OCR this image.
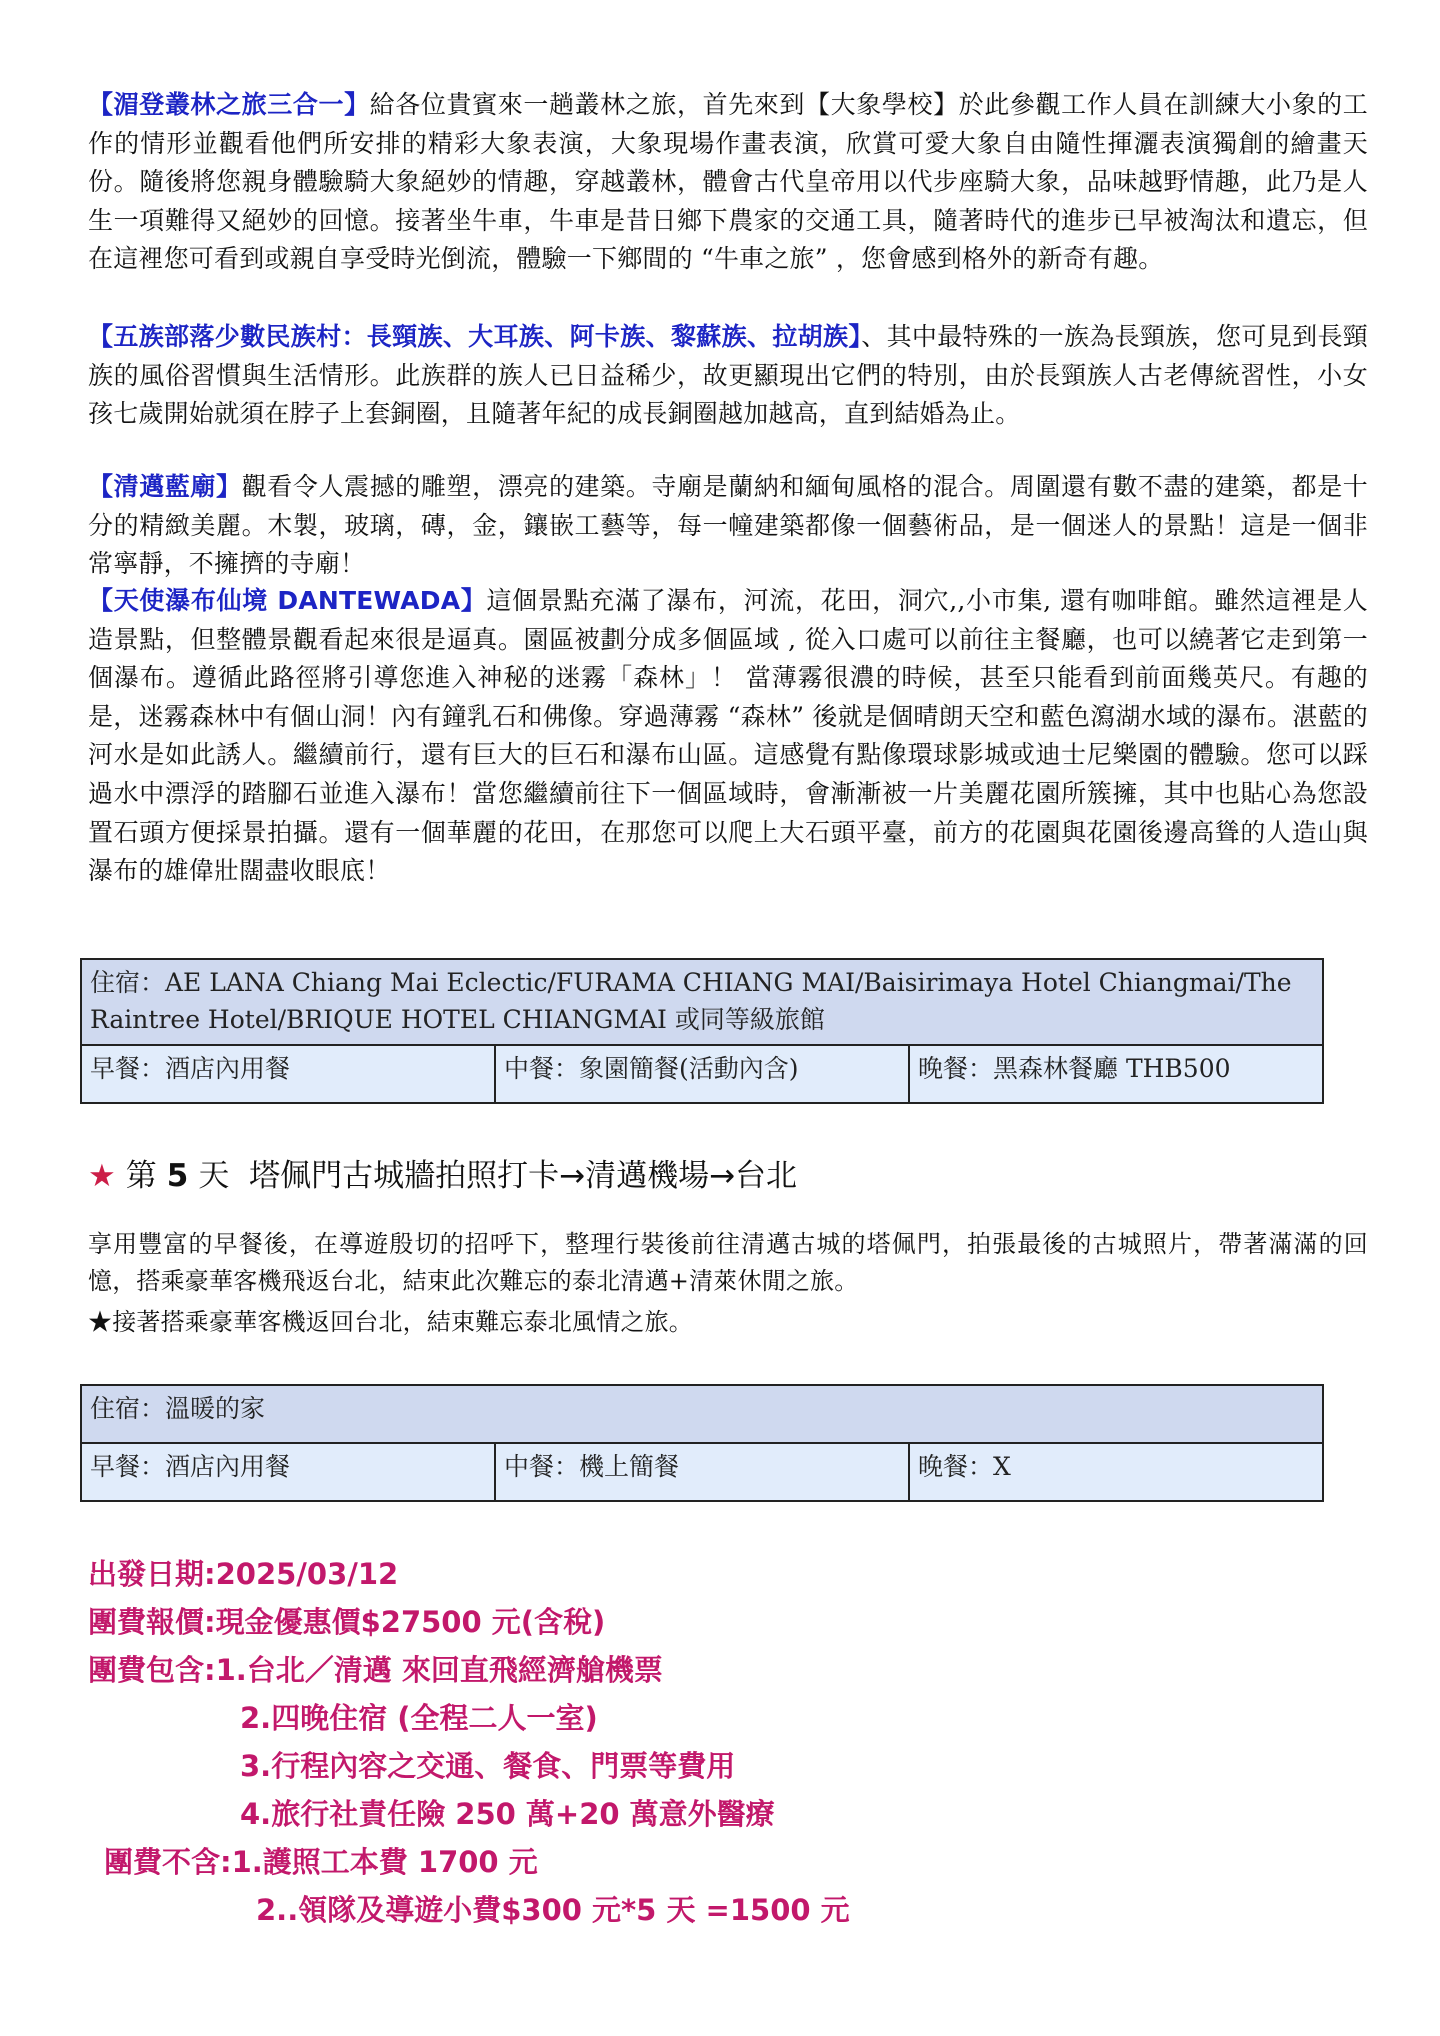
【湄登叢林之旅三合一】給各位貴賓來一趟叢林之旅，首先來到【大象學校】於此參觀工作人員在訓練大小象的工作的情形並觀看他們所安排的精彩大象表演，大象現場作畫表演，欣賞可愛大象自由隨性揮灑表演獨創的繪畫天份。隨後將您親身體驗騎大象絕妙的情趣，穿越叢林，體會古代皇帝用以代步座騎大象，品味越野情趣，此乃是人生一項難得又絕妙的回憶。接著坐牛車，牛車是昔日鄉下農家的交通工具，隨著時代的進步已早被淘汰和遺忘，但在這裡您可看到或親自享受時光倒流，體驗一下鄉間的 “牛車之旅” ，您會感到格外的新奇有趣。

【五族部落少數民族村：長頸族、大耳族、阿卡族、黎蘇族、拉胡族】、其中最特殊的一族為長頸族，您可見到長頸族的風俗習慣與生活情形。此族群的族人已日益稀少，故更顯現出它們的特別，由於長頸族人古老傳統習性，小女孩七歲開始就須在脖子上套銅圈，且隨著年紀的成長銅圈越加越高，直到結婚為止。

【清邁藍廟】觀看令人震撼的雕塑，漂亮的建築。寺廟是蘭納和緬甸風格的混合。周圍還有數不盡的建築，都是十分的精緻美麗。木製，玻璃，磚，金，鑲嵌工藝等，每一幢建築都像一個藝術品，是一個迷人的景點！這是一個非常寧靜，不擁擠的寺廟！

【天使瀑布仙境 DANTEWADA】這個景點充滿了瀑布，河流，花田，洞穴,,小市集, 還有咖啡館。雖然這裡是人造景點，但整體景觀看起來很是逼真。園區被劃分成多個區域 , 從入口處可以前往主餐廳，也可以繞著它走到第一個瀑布。遵循此路徑將引導您進入神秘的迷霧「森林」！ 當薄霧很濃的時候，甚至只能看到前面幾英尺。有趣的是，迷霧森林中有個山洞！內有鐘乳石和佛像。穿過薄霧 “森林” 後就是個晴朗天空和藍色瀉湖水域的瀑布。湛藍的河水是如此誘人。繼續前行，還有巨大的巨石和瀑布山區。這感覺有點像環球影城或迪士尼樂園的體驗。您可以踩過水中漂浮的踏腳石並進入瀑布！當您繼續前往下一個區域時，會漸漸被一片美麗花園所簇擁，其中也貼心為您設置石頭方便採景拍攝。還有一個華麗的花田，在那您可以爬上大石頭平臺，前方的花園與花園後邊高聳的人造山與瀑布的雄偉壯闊盡收眼底！

住宿：AE LANA Chiang Mai Eclectic/FURAMA CHIANG MAI/Baisirimaya Hotel Chiangmai/The Raintree Hotel/BRIQUE HOTEL CHIANGMAI 或同等級旅館
早餐：酒店內用餐	中餐：象園簡餐(活動內含)	晚餐：黑森林餐廳 THB500
★ 第 5 天 塔佩門古城牆拍照打卡→清邁機場→台北

享用豐富的早餐後，在導遊殷切的招呼下，整理行裝後前往清邁古城的塔佩門，拍張最後的古城照片，帶著滿滿的回憶，搭乘豪華客機飛返台北，結束此次難忘的泰北清邁+清萊休閒之旅。

★接著搭乘豪華客機返回台北，結束難忘泰北風情之旅。

住宿：溫暖的家
早餐：酒店內用餐	中餐：機上簡餐	晚餐：X
出發日期:2025/03/12
團費報價:現金優惠價$27500 元(含稅)
團費包含:1.台北／清邁 來回直飛經濟艙機票
2.四晚住宿 (全程二人一室)
3.行程內容之交通、餐食、門票等費用
4.旅行社責任險 250 萬+20 萬意外醫療
團費不含:1.護照工本費 1700 元
2..領隊及導遊小費$300 元*5 天 =1500 元
